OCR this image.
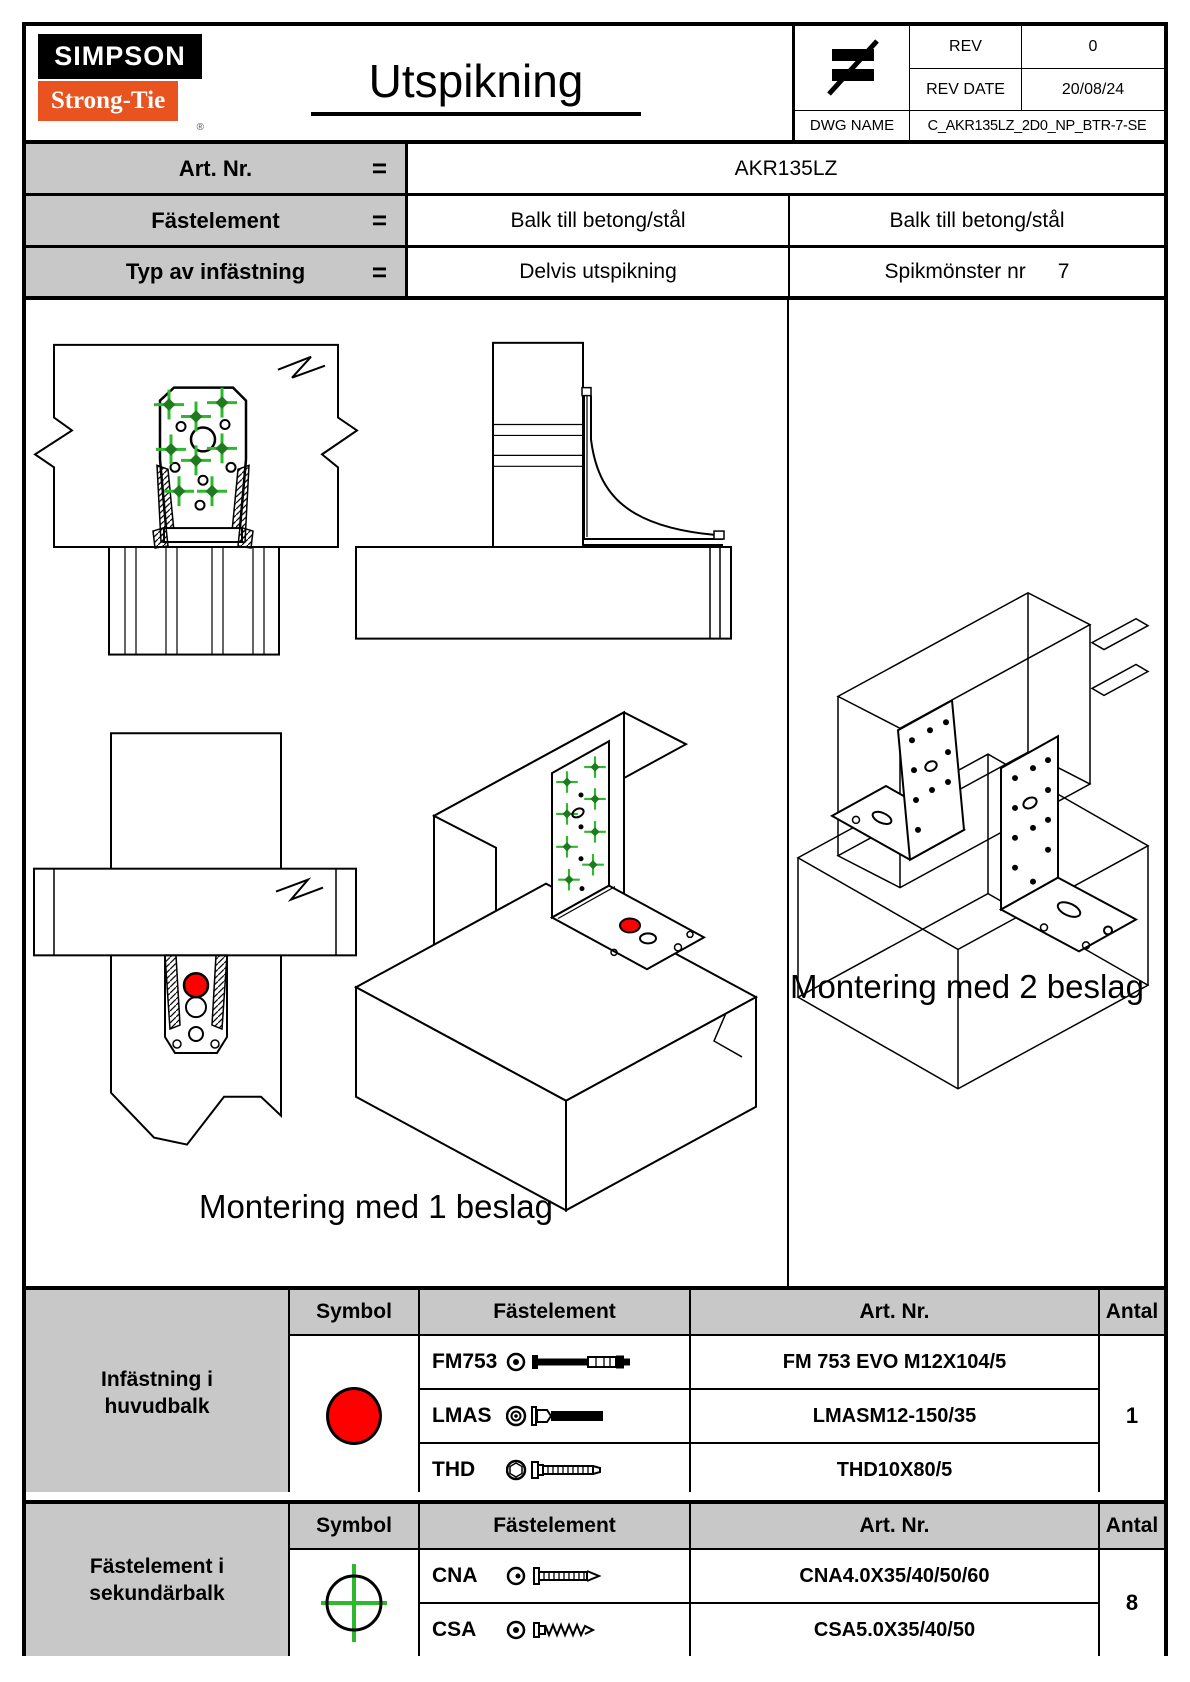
SIMPSON
Strong-Tie
®
Utspikning
REV	0
REV DATE	20/08/24
DWG NAME	C_AKR135LZ_2D0_NP_BTR-7-SE
Art. Nr.	=	AKR135LZ
Fästelement	=	Balk till betong/stål	Balk till betong/stål
Typ av infästning	=	Delvis utspikning	Spikmönster nr 7
Montering med 1 beslag
Montering med 2 beslag
Infästning i huvudbalk
Symbol	Fästelement	Art. Nr.	Antal
FM753	FM 753 EVO M12X104/5
LMAS	LMASM12-150/35
THD	THD10X80/5
1
Fästelement i sekundärbalk
Symbol	Fästelement	Art. Nr.	Antal
CNA	CNA4.0X35/40/50/60
CSA	CSA5.0X35/40/50
8
